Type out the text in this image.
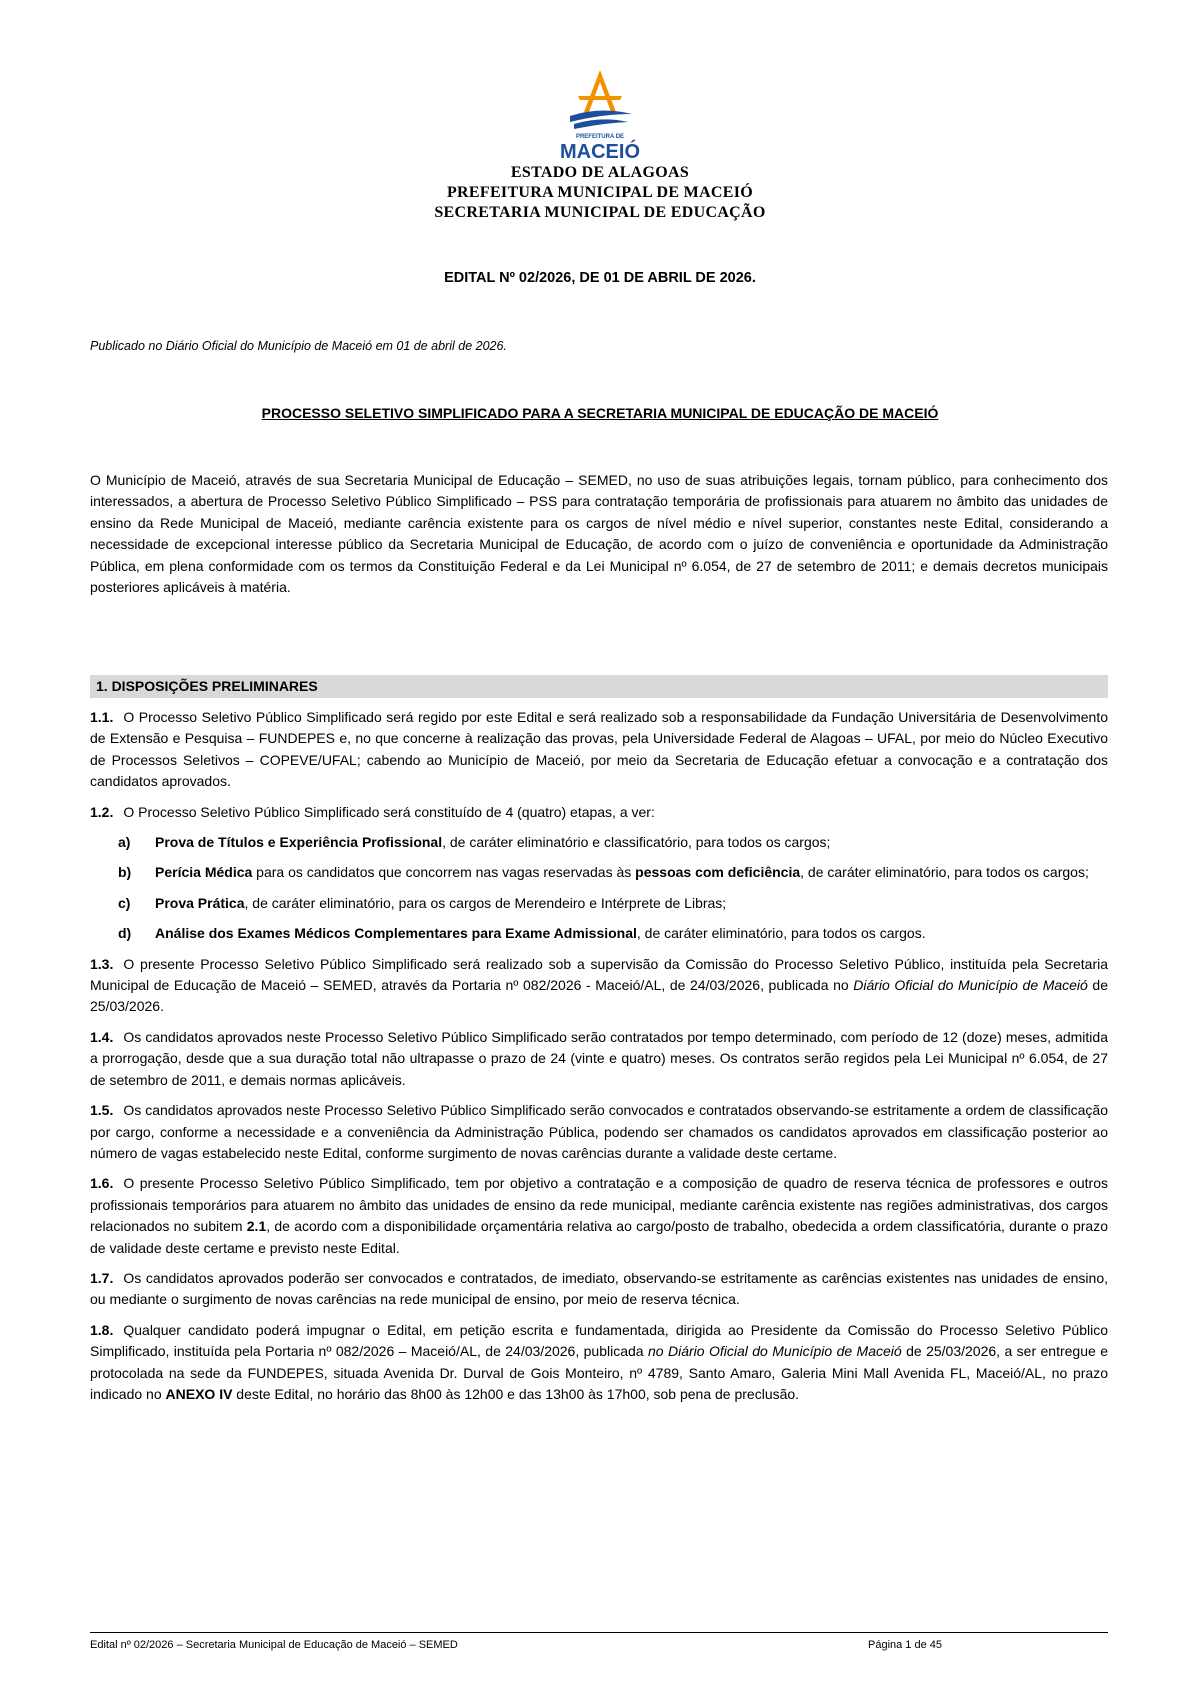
PREFEITURA DE
MACEIÓ
ESTADO DE ALAGOAS
PREFEITURA MUNICIPAL DE MACEIÓ
SECRETARIA MUNICIPAL DE EDUCAÇÃO
EDITAL Nº 02/2026, DE 01 DE ABRIL DE 2026.
Publicado no Diário Oficial do Município de Maceió em 01 de abril de 2026.
PROCESSO SELETIVO SIMPLIFICADO PARA A SECRETARIA MUNICIPAL DE EDUCAÇÃO DE MACEIÓ
O Município de Maceió, através de sua Secretaria Municipal de Educação – SEMED, no uso de suas atribuições legais, tornam público, para conhecimento dos interessados, a abertura de Processo Seletivo Público Simplificado – PSS para contratação temporária de profissionais para atuarem no âmbito das unidades de ensino da Rede Municipal de Maceió, mediante carência existente para os cargos de nível médio e nível superior, constantes neste Edital, considerando a necessidade de excepcional interesse público da Secretaria Municipal de Educação, de acordo com o juízo de conveniência e oportunidade da Administração Pública, em plena conformidade com os termos da Constituição Federal e da Lei Municipal nº 6.054, de 27 de setembro de 2011; e demais decretos municipais posteriores aplicáveis à matéria.
1. DISPOSIÇÕES PRELIMINARES
1.1. O Processo Seletivo Público Simplificado será regido por este Edital e será realizado sob a responsabilidade da Fundação Universitária de Desenvolvimento de Extensão e Pesquisa – FUNDEPES e, no que concerne à realização das provas, pela Universidade Federal de Alagoas – UFAL, por meio do Núcleo Executivo de Processos Seletivos – COPEVE/UFAL; cabendo ao Município de Maceió, por meio da Secretaria de Educação efetuar a convocação e a contratação dos candidatos aprovados.
1.2. O Processo Seletivo Público Simplificado será constituído de 4 (quatro) etapas, a ver:
a)	Prova de Títulos e Experiência Profissional, de caráter eliminatório e classificatório, para todos os cargos;
b)	Perícia Médica para os candidatos que concorrem nas vagas reservadas às pessoas com deficiência, de caráter eliminatório, para todos os cargos;
c)	Prova Prática, de caráter eliminatório, para os cargos de Merendeiro e Intérprete de Libras;
d)	Análise dos Exames Médicos Complementares para Exame Admissional, de caráter eliminatório, para todos os cargos.
1.3. O presente Processo Seletivo Público Simplificado será realizado sob a supervisão da Comissão do Processo Seletivo Público, instituída pela Secretaria Municipal de Educação de Maceió – SEMED, através da Portaria nº 082/2026 - Maceió/AL, de 24/03/2026, publicada no Diário Oficial do Município de Maceió de 25/03/2026.
1.4. Os candidatos aprovados neste Processo Seletivo Público Simplificado serão contratados por tempo determinado, com período de 12 (doze) meses, admitida a prorrogação, desde que a sua duração total não ultrapasse o prazo de 24 (vinte e quatro) meses. Os contratos serão regidos pela Lei Municipal nº 6.054, de 27 de setembro de 2011, e demais normas aplicáveis.
1.5. Os candidatos aprovados neste Processo Seletivo Público Simplificado serão convocados e contratados observando-se estritamente a ordem de classificação por cargo, conforme a necessidade e a conveniência da Administração Pública, podendo ser chamados os candidatos aprovados em classificação posterior ao número de vagas estabelecido neste Edital, conforme surgimento de novas carências durante a validade deste certame.
1.6. O presente Processo Seletivo Público Simplificado, tem por objetivo a contratação e a composição de quadro de reserva técnica de professores e outros profissionais temporários para atuarem no âmbito das unidades de ensino da rede municipal, mediante carência existente nas regiões administrativas, dos cargos relacionados no subitem 2.1, de acordo com a disponibilidade orçamentária relativa ao cargo/posto de trabalho, obedecida a ordem classificatória, durante o prazo de validade deste certame e previsto neste Edital.
1.7. Os candidatos aprovados poderão ser convocados e contratados, de imediato, observando-se estritamente as carências existentes nas unidades de ensino, ou mediante o surgimento de novas carências na rede municipal de ensino, por meio de reserva técnica.
1.8. Qualquer candidato poderá impugnar o Edital, em petição escrita e fundamentada, dirigida ao Presidente da Comissão do Processo Seletivo Público Simplificado, instituída pela Portaria nº 082/2026 – Maceió/AL, de 24/03/2026, publicada no Diário Oficial do Município de Maceió de 25/03/2026, a ser entregue e protocolada na sede da FUNDEPES, situada Avenida Dr. Durval de Gois Monteiro, nº 4789, Santo Amaro, Galeria Mini Mall Avenida FL, Maceió/AL, no prazo indicado no ANEXO IV deste Edital, no horário das 8h00 às 12h00 e das 13h00 às 17h00, sob pena de preclusão.
Edital nº 02/2026 – Secretaria Municipal de Educação de Maceió – SEMED	Página 1 de 45
